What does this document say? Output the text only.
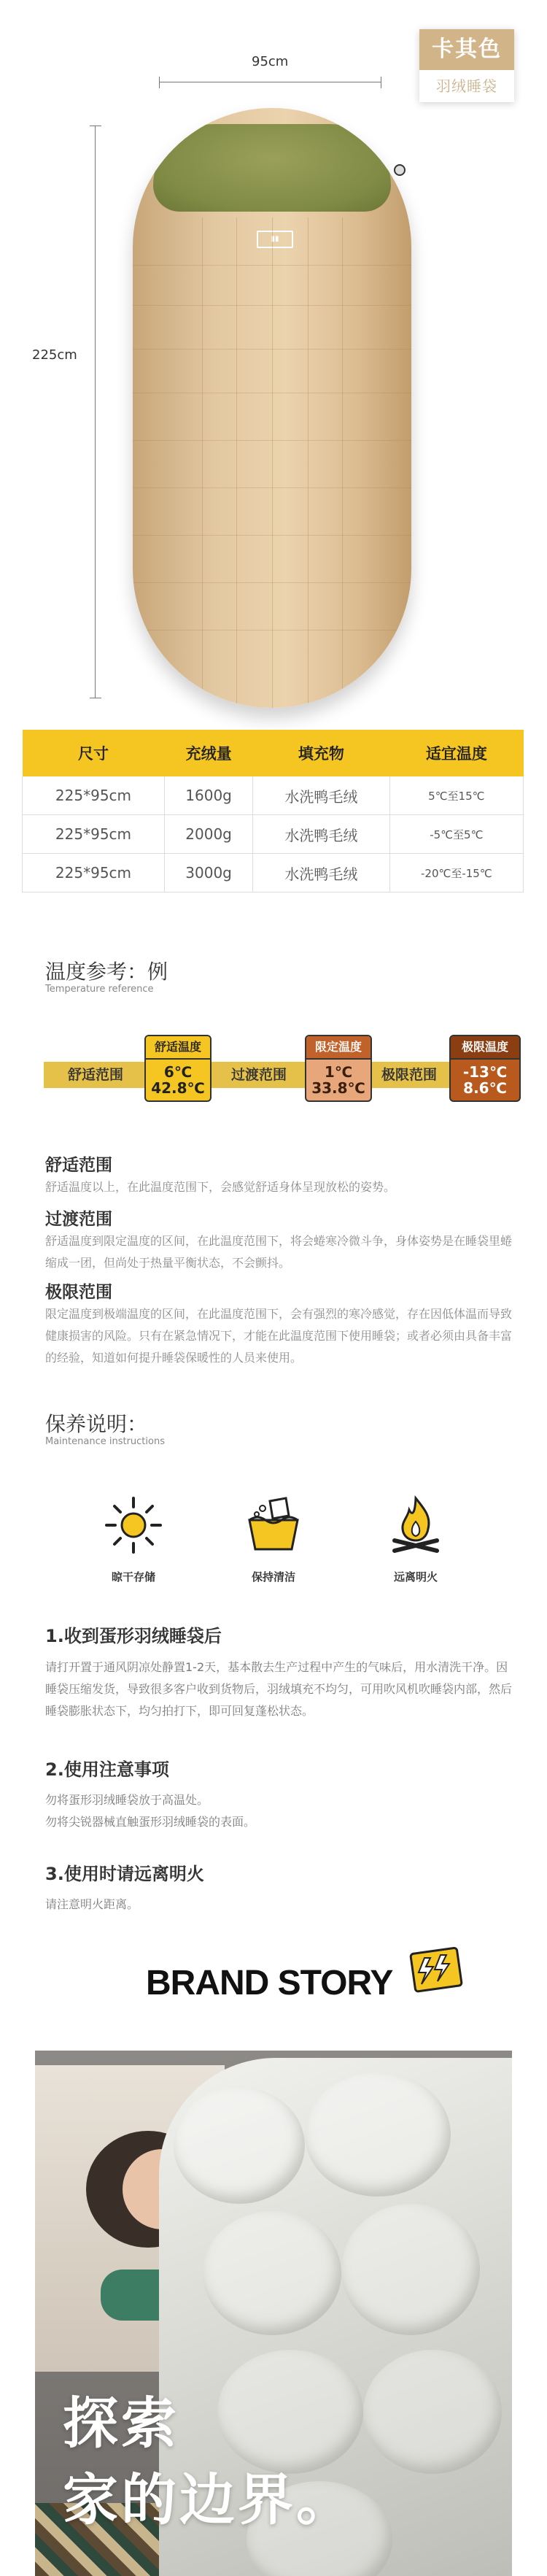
卡其色
羽绒睡袋
95cm
225cm
▮▮
尺寸	充绒量	填充物	适宜温度
225*95cm	1600g	水洗鸭毛绒	5℃至15℃
225*95cm	2000g	水洗鸭毛绒	-5℃至5℃
225*95cm	3000g	水洗鸭毛绒	-20℃至-15℃
温度参考：例
Temperature reference
舒适范围	过渡范围	极限范围
舒适温度
6℃
42.8℃
限定温度
1℃
33.8℃
极限温度
-13℃
8.6℃
舒适范围
舒适温度以上，在此温度范围下，会感觉舒适身体呈现放松的姿势。
过渡范围
舒适温度到限定温度的区间，在此温度范围下，将会蜷寒冷微斗争，身体姿势是在睡袋里蜷缩成一团，但尚处于热量平衡状态，不会颤抖。
极限范围
限定温度到极端温度的区间，在此温度范围下，会有强烈的寒冷感觉，存在因低体温而导致健康损害的风险。只有在紧急情况下，才能在此温度范围下使用睡袋；或者必须由具备丰富的经验，知道如何提升睡袋保暖性的人员来使用。
保养说明：
Maintenance instructions
晾干存储	保持清洁	远离明火
1.收到蛋形羽绒睡袋后
请打开置于通风阴凉处静置1-2天，基本散去生产过程中产生的气味后，用水清洗干净。因睡袋压缩发货，导致很多客户收到货物后，羽绒填充不均匀，可用吹风机吹睡袋内部，然后睡袋膨胀状态下，均匀拍打下，即可回复蓬松状态。
2.使用注意事项
勿将蛋形羽绒睡袋放于高温处。
勿将尖锐器械直触蛋形羽绒睡袋的表面。
3.使用时请远离明火
请注意明火距离。
BRAND STORY
探索
家的边界。
